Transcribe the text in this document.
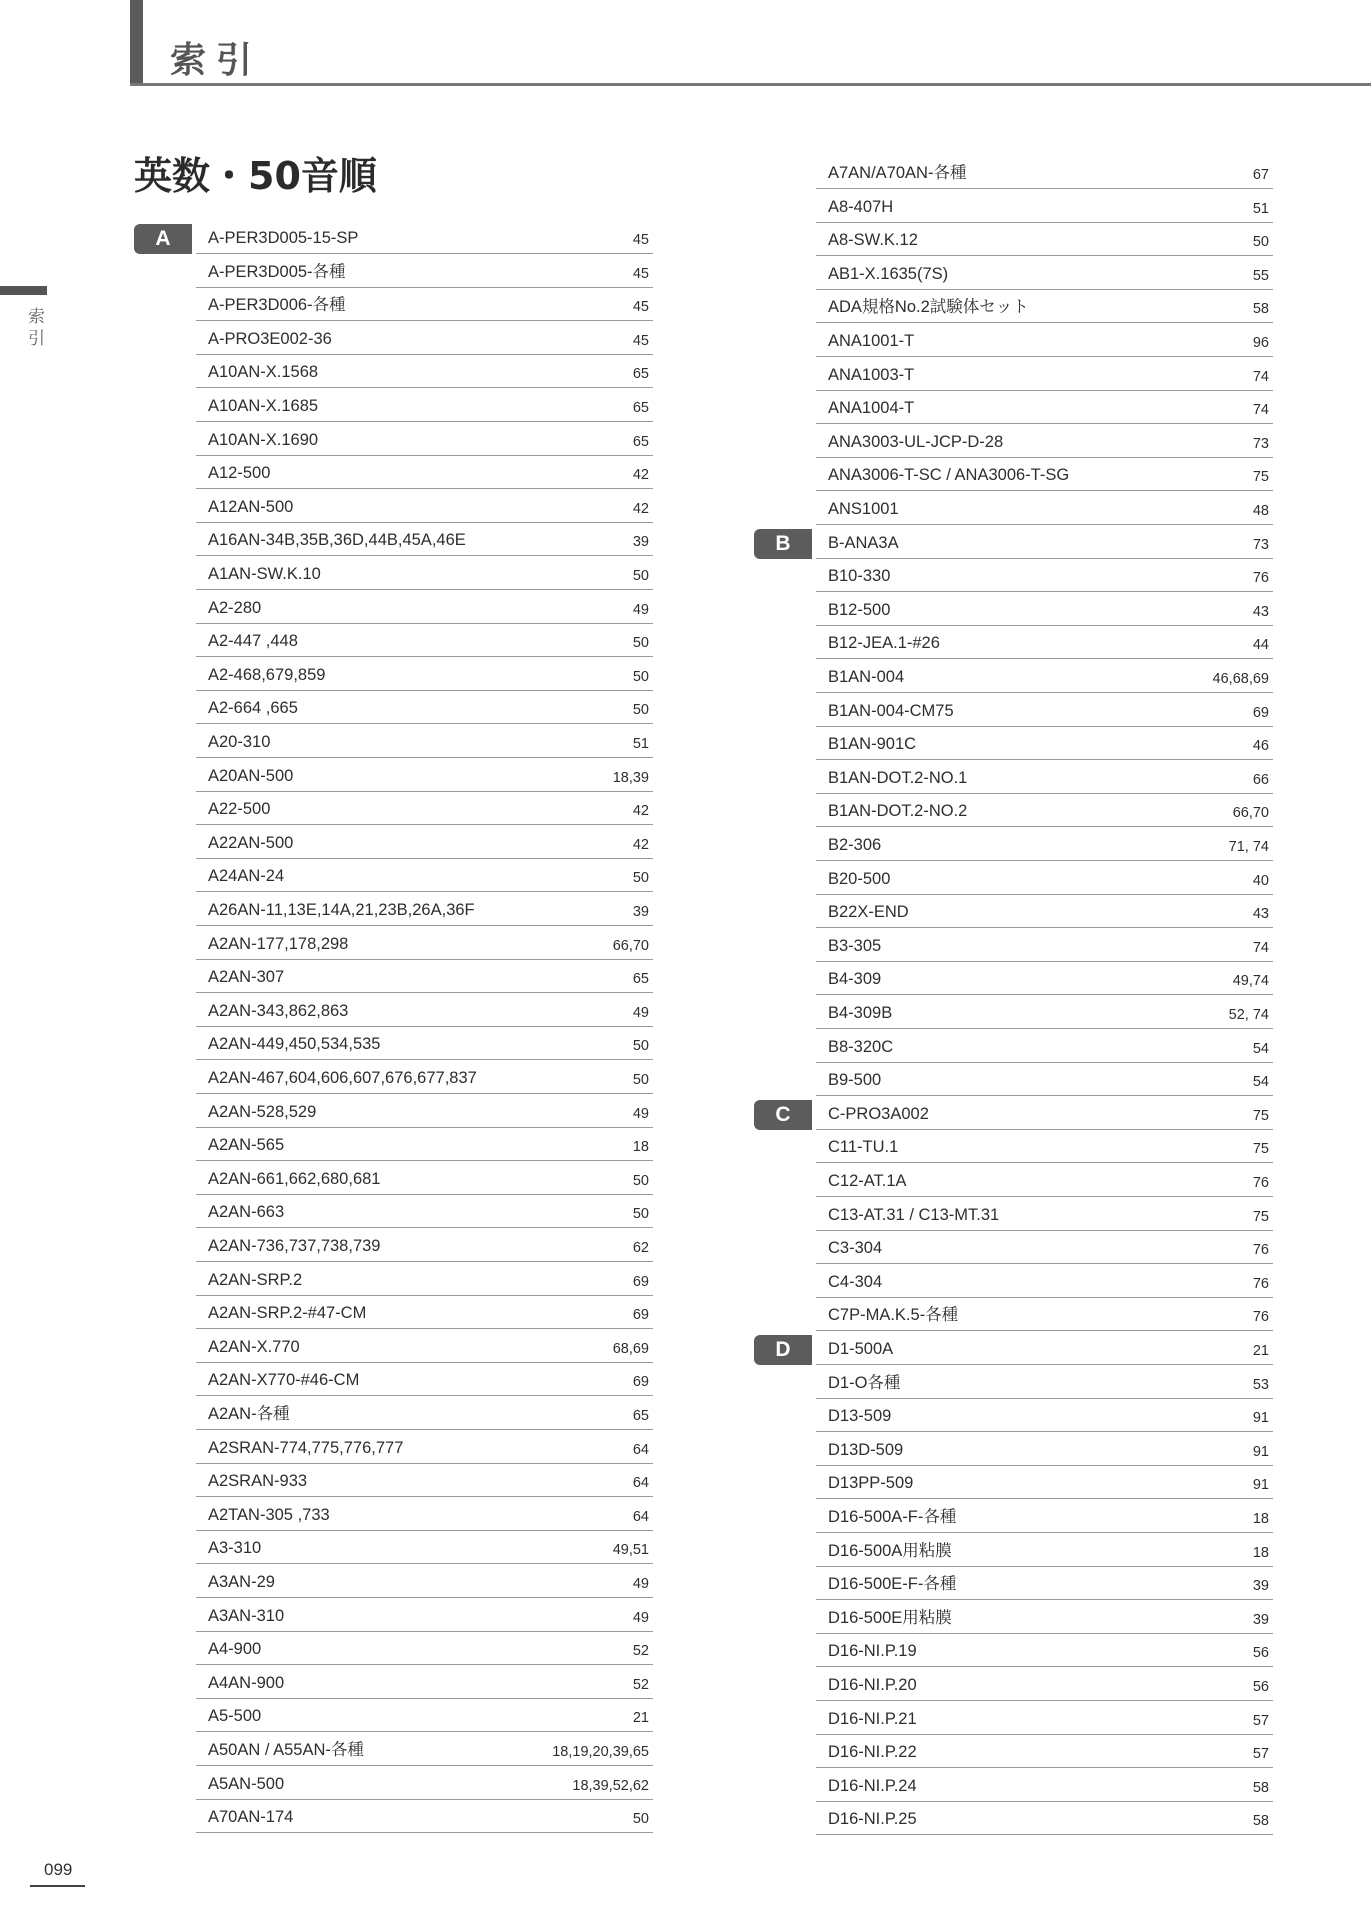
索引
索引
英数・50音順
A	A-PER3D005-15-SP	45
A-PER3D005-各種	45
A-PER3D006-各種	45
A-PRO3E002-36	45
A10AN-X.1568	65
A10AN-X.1685	65
A10AN-X.1690	65
A12-500	42
A12AN-500	42
A16AN-34B,35B,36D,44B,45A,46E	39
A1AN-SW.K.10	50
A2-280	49
A2-447 ,448	50
A2-468,679,859	50
A2-664 ,665	50
A20-310	51
A20AN-500	18,39
A22-500	42
A22AN-500	42
A24AN-24	50
A26AN-11,13E,14A,21,23B,26A,36F	39
A2AN-177,178,298	66,70
A2AN-307	65
A2AN-343,862,863	49
A2AN-449,450,534,535	50
A2AN-467,604,606,607,676,677,837	50
A2AN-528,529	49
A2AN-565	18
A2AN-661,662,680,681	50
A2AN-663	50
A2AN-736,737,738,739	62
A2AN-SRP.2	69
A2AN-SRP.2-#47-CM	69
A2AN-X.770	68,69
A2AN-X770-#46-CM	69
A2AN-各種	65
A2SRAN-774,775,776,777	64
A2SRAN-933	64
A2TAN-305 ,733	64
A3-310	49,51
A3AN-29	49
A3AN-310	49
A4-900	52
A4AN-900	52
A5-500	21
A50AN / A55AN-各種	18,19,20,39,65
A5AN-500	18,39,52,62
A70AN-174	50
A7AN/A70AN-各種	67
A8-407H	51
A8-SW.K.12	50
AB1-X.1635(7S)	55
ADA規格No.2試験体セット	58
ANA1001-T	96
ANA1003-T	74
ANA1004-T	74
ANA3003-UL-JCP-D-28	73
ANA3006-T-SC / ANA3006-T-SG	75
ANS1001	48
B	B-ANA3A	73
B10-330	76
B12-500	43
B12-JEA.1-#26	44
B1AN-004	46,68,69
B1AN-004-CM75	69
B1AN-901C	46
B1AN-DOT.2-NO.1	66
B1AN-DOT.2-NO.2	66,70
B2-306	71, 74
B20-500	40
B22X-END	43
B3-305	74
B4-309	49,74
B4-309B	52, 74
B8-320C	54
B9-500	54
C	C-PRO3A002	75
C11-TU.1	75
C12-AT.1A	76
C13-AT.31 / C13-MT.31	75
C3-304	76
C4-304	76
C7P-MA.K.5-各種	76
D	D1-500A	21
D1-O各種	53
D13-509	91
D13D-509	91
D13PP-509	91
D16-500A-F-各種	18
D16-500A用粘膜	18
D16-500E-F-各種	39
D16-500E用粘膜	39
D16-NI.P.19	56
D16-NI.P.20	56
D16-NI.P.21	57
D16-NI.P.22	57
D16-NI.P.24	58
D16-NI.P.25	58
099
